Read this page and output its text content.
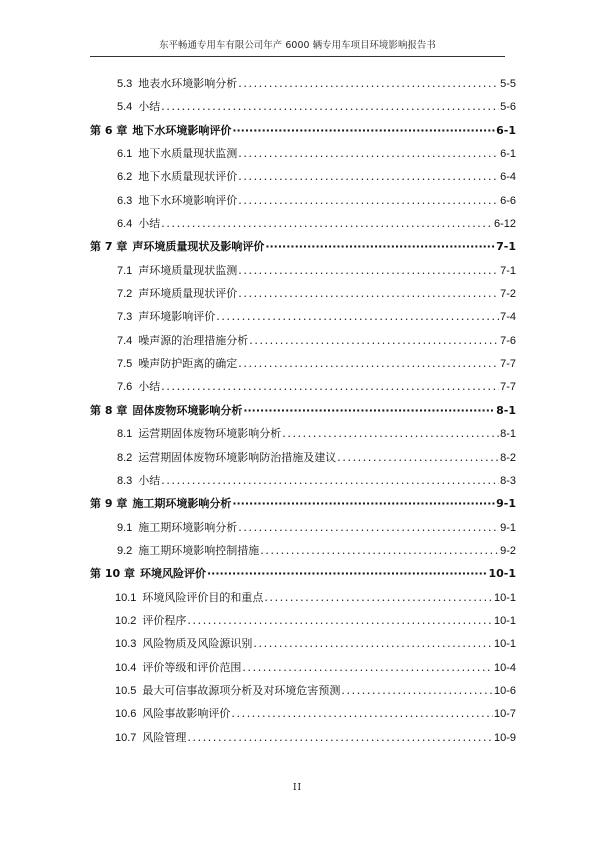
东平畅通专用车有限公司年产 6000 辆专用车项目环境影响报告书
5.3 地表水环境影响分析 .....	5-5
5.4 小结 .....	5-6
第 6 章 地下水环境影响评价 ·····	6-1
6.1 地下水质量现状监测 .....	6-1
6.2 地下水质量现状评价 .....	6-4
6.3 地下水环境影响评价 .....	6-6
6.4 小结 .....	6-12
第 7 章 声环境质量现状及影响评价 ·····	7-1
7.1 声环境质量现状监测 .....	7-1
7.2 声环境质量现状评价 .....	7-2
7.3 声环境影响评价 .....	7-4
7.4 噪声源的治理措施分析 .....	7-6
7.5 噪声防护距离的确定 .....	7-7
7.6 小结 .....	7-7
第 8 章 固体废物环境影响分析 ·····	8-1
8.1 运营期固体废物环境影响分析 .....	8-1
8.2 运营期固体废物环境影响防治措施及建议 .....	8-2
8.3 小结 .....	8-3
第 9 章 施工期环境影响分析 ·····	9-1
9.1 施工期环境影响分析 .....	9-1
9.2 施工期环境影响控制措施 .....	9-2
第 10 章 环境风险评价 ·····	10-1
10.1 环境风险评价目的和重点 .....	10-1
10.2 评价程序 .....	10-1
10.3 风险物质及风险源识别 .....	10-1
10.4 评价等级和评价范围 .....	10-4
10.5 最大可信事故源项分析及对环境危害预测 .....	10-6
10.6 风险事故影响评价 .....	10-7
10.7 风险管理 .....	10-9
II
